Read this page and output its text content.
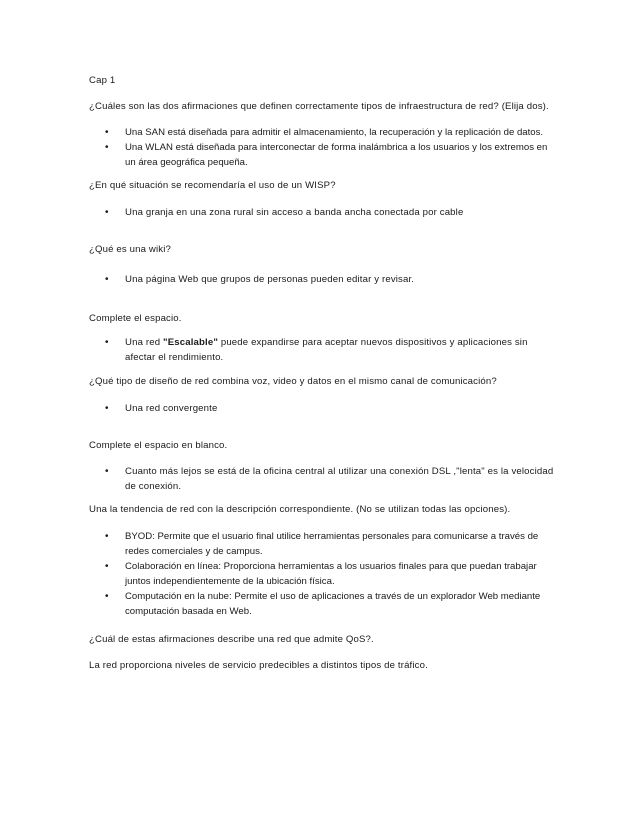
Cap 1

¿Cuáles son las dos afirmaciones que definen correctamente tipos de infraestructura de red? (Elija dos).

• Una SAN está diseñada para admitir el almacenamiento, la recuperación y la replicación de datos.
• Una WLAN está diseñada para interconectar de forma inalámbrica a los usuarios y los extremos en un área geográfica pequeña.

¿En qué situación se recomendaría el uso de un WISP?

• Una granja en una zona rural sin acceso a banda ancha conectada por cable

¿Qué es una wiki?

• Una página Web que grupos de personas pueden editar y revisar.

Complete el espacio.

• Una red "Escalable" puede expandirse para aceptar nuevos dispositivos y aplicaciones sin afectar el rendimiento.

¿Qué tipo de diseño de red combina voz, video y datos en el mismo canal de comunicación?

• Una red convergente

Complete el espacio en blanco.

• Cuanto más lejos se está de la oficina central al utilizar una conexión DSL ,"lenta" es la velocidad de conexión.

Una la tendencia de red con la descripción correspondiente. (No se utilizan todas las opciones).

• BYOD: Permite que el usuario final utilice herramientas personales para comunicarse a través de redes comerciales y de campus.
• Colaboración en línea: Proporciona herramientas a los usuarios finales para que puedan trabajar juntos independientemente de la ubicación física.
• Computación en la nube: Permite el uso de aplicaciones a través de un explorador Web mediante computación basada en Web.

¿Cuál de estas afirmaciones describe una red que admite QoS?.

La red proporciona niveles de servicio predecibles a distintos tipos de tráfico.
